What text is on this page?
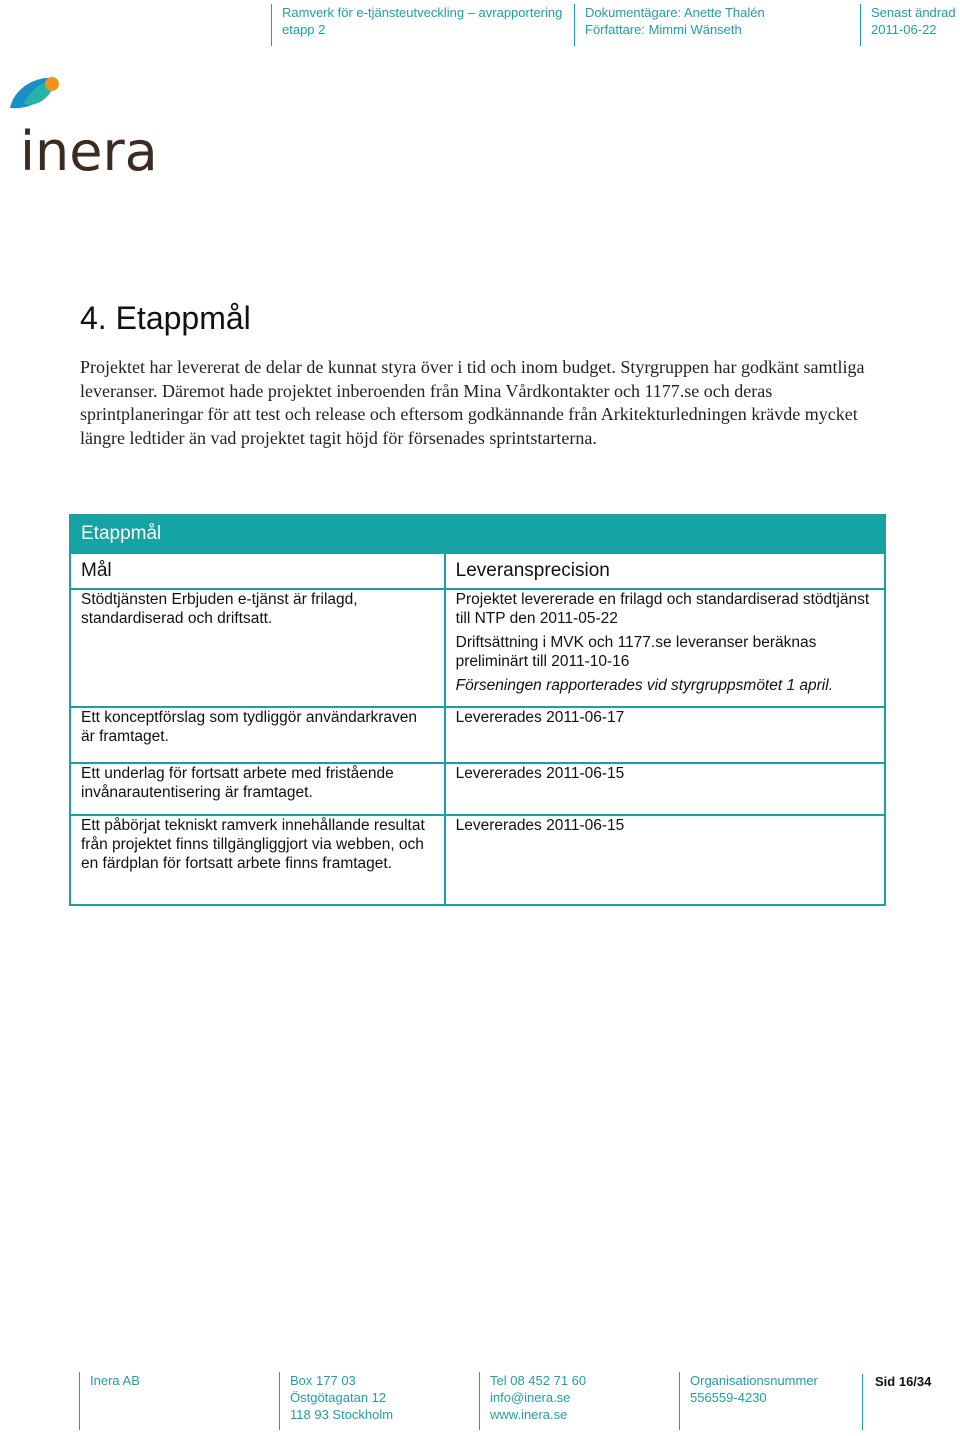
Ramverk för e-tjänsteutveckling – avrapportering
etapp 2
Dokumentägare: Anette Thalén
Författare: Mimmi Wänseth
Senast ändrad
2011-06-22
inera
4. Etappmål

Projektet har levererat de delar de kunnat styra över i tid och inom budget. Styrgruppen har godkänt samtliga leveranser. Däremot hade projektet inberoenden från Mina Vårdkontakter och 1177.se och deras sprintplaneringar för att test och release och eftersom godkännande från Arkitekturledningen krävde mycket längre ledtider än vad projektet tagit höjd för försenades sprintstarterna.

Etappmål	
Mål	Leveransprecision

Stödtjänsten Erbjuden e-tjänst är frilagd, standardiserad och driftsatt.	Projektet levererade en frilagd och standardiserad stödtjänst till NTP den 2011-05-22

Driftsättning i MVK och 1177.se leveranser beräknas preliminärt till 2011-10-16

Förseningen rapporterades vid styrgruppsmötet 1 april.

Ett konceptförslag som tydliggör användarkraven är framtaget.	Levererades 2011-06-17

Ett underlag för fortsatt arbete med fristående invånarautentisering är framtaget.	Levererades 2011-06-15

Ett påbörjat tekniskt ramverk innehållande resultat från projektet finns tillgängliggjort via webben, och en färdplan för fortsatt arbete finns framtaget.	Levererades 2011-06-15

Inera AB	Box 177 03
Östgötagatan 12
118 93 Stockholm
Tel 08 452 71 60
info@inera.se
www.inera.se
Organisationsnummer
556559-4230
Sid 16/34
